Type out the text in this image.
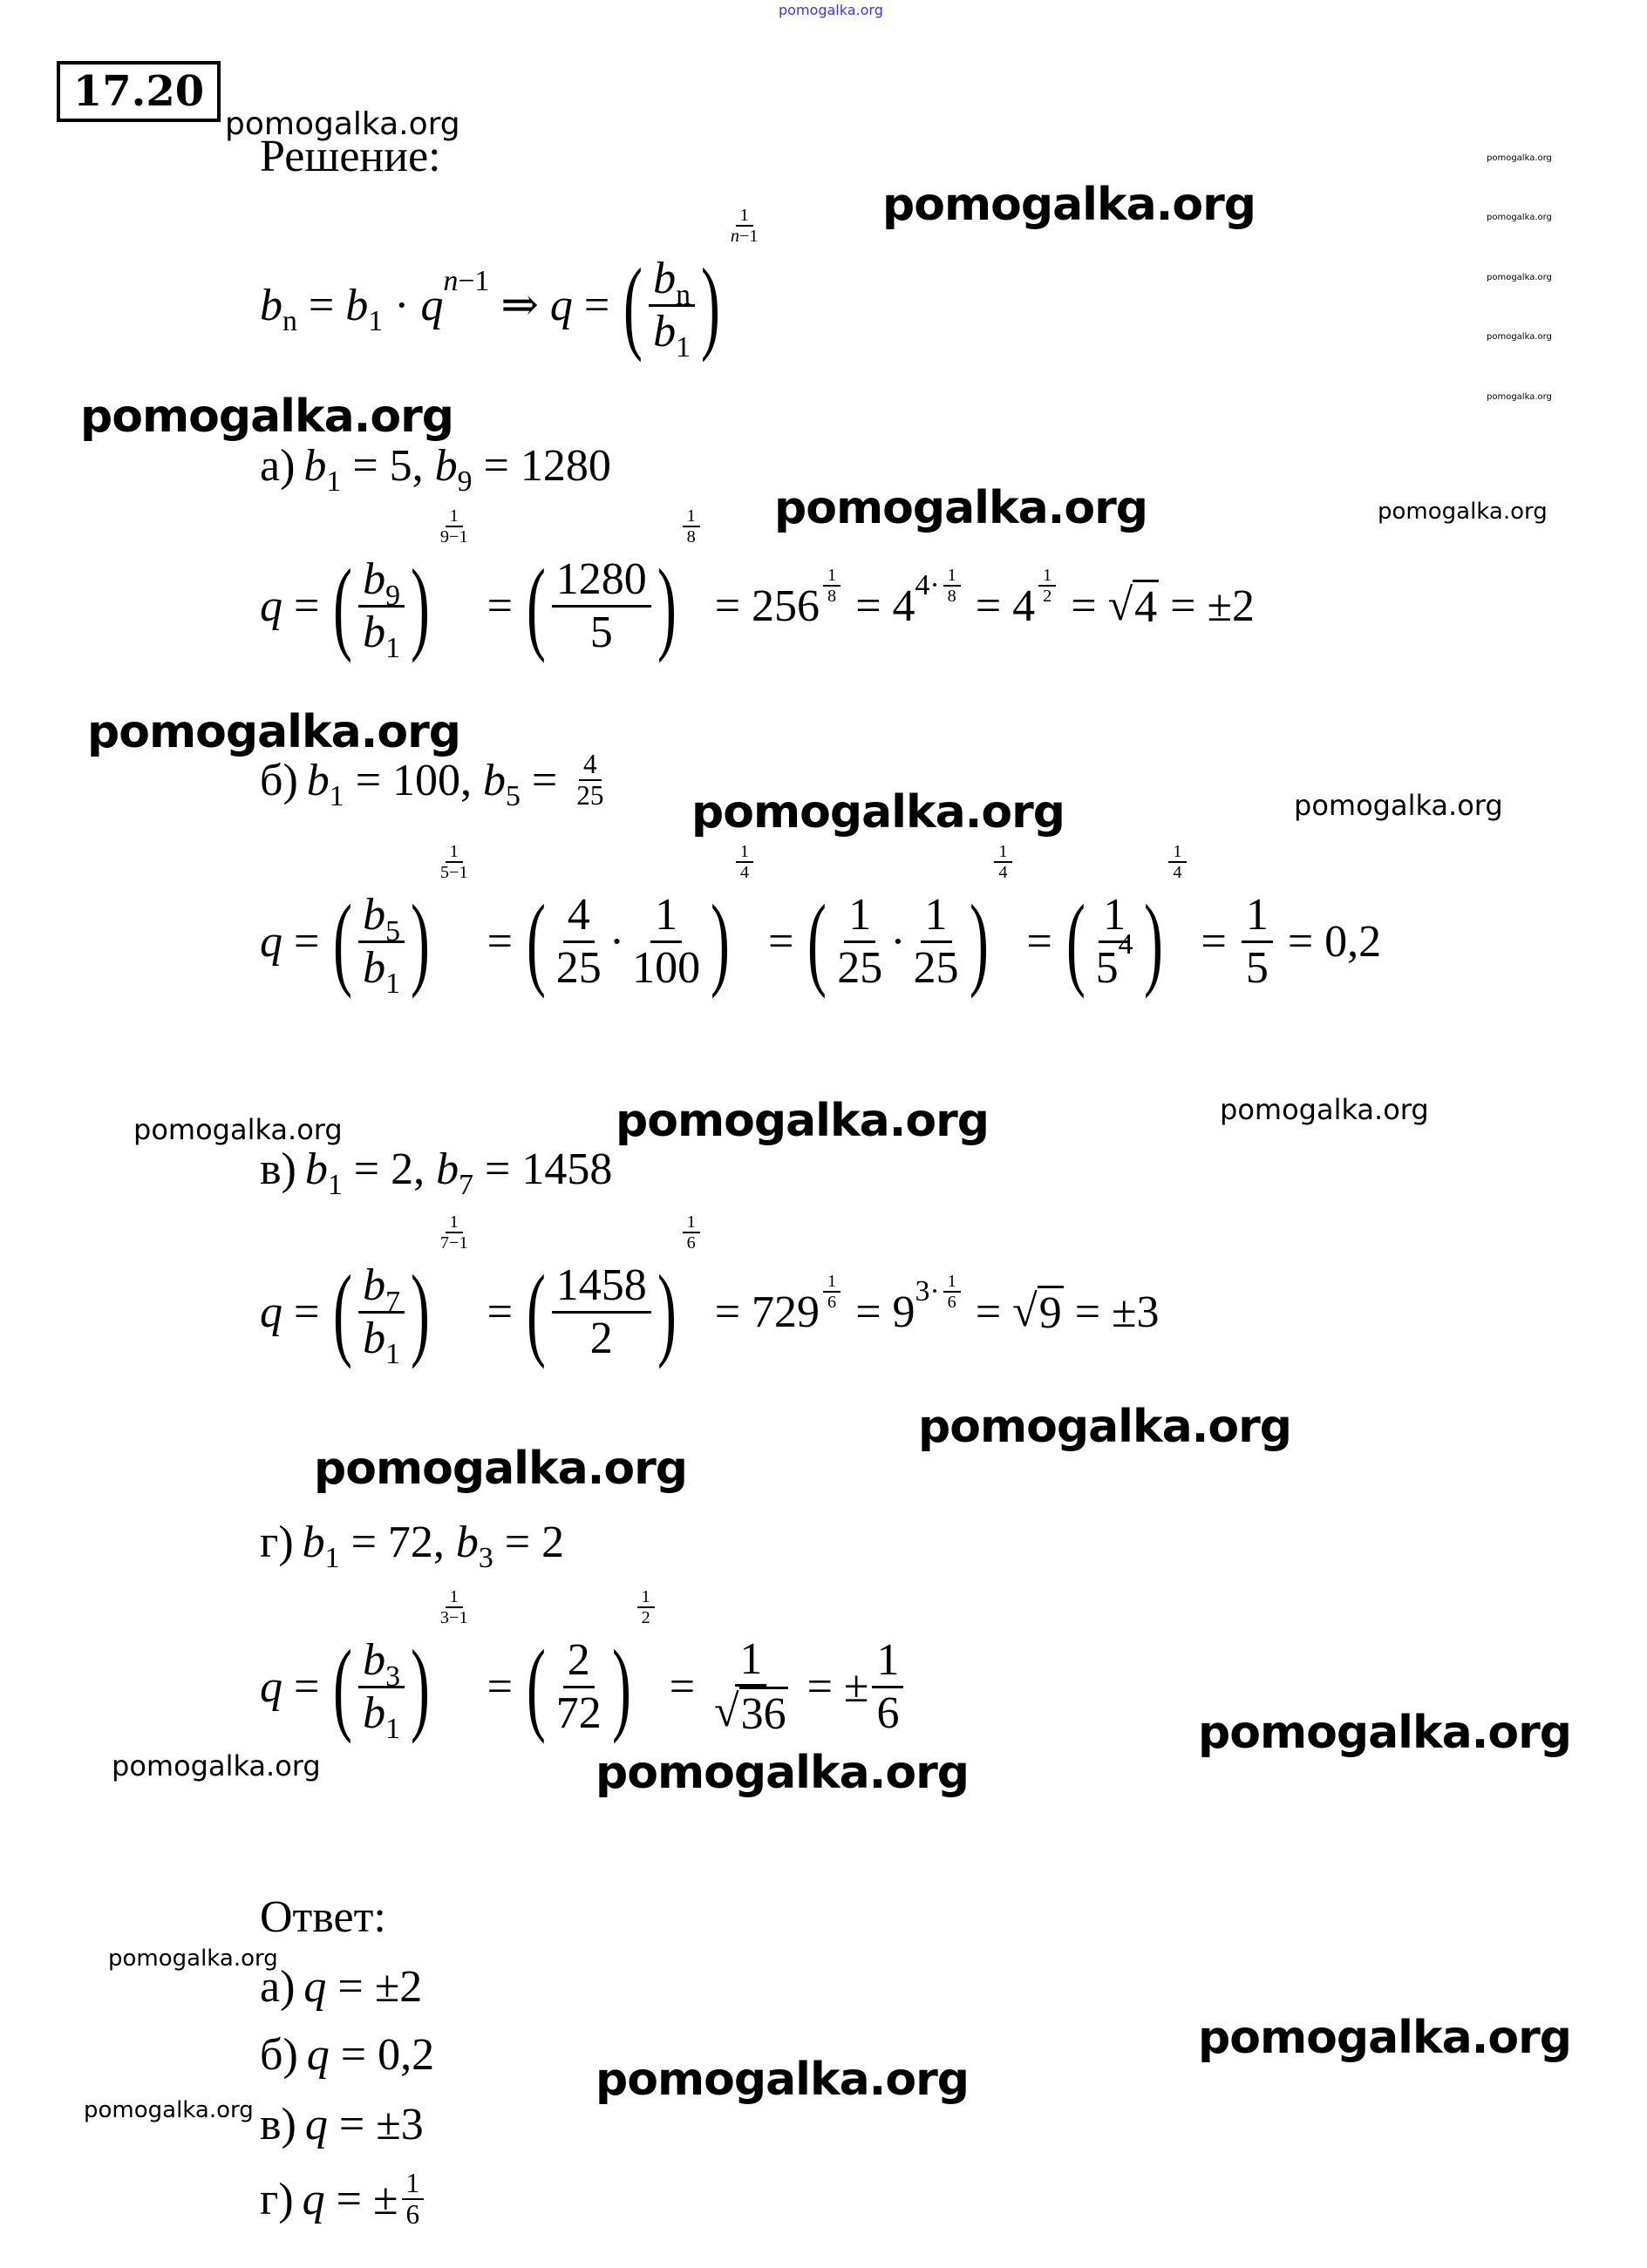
17.20
Решение:
b n = b 1 · q n −1 ⇒ q = ( $\frac{\text{b n}}{b 1}$ )
$\frac{1}{n -1}$
а) b 1 = 5, b 9 = 1280
q = ( $\frac{b 9}{b 1}$ )
$\frac{1}{9-1}$
= ( $\frac{1280}{5}$ )
$\frac{1}{8}$
= $256 \frac{1}{8} = 4$ $4\cdot \frac{1}{8} = 4 \frac{1}{2}$ = √ 4 = ±2
б) b 1 = 100, b $5 = \frac{4}{25}$
q = ( $\frac{b 5}{b 1}$ )
$\frac{1}{5-1}$
= ( $\frac{4}{25} \cdot \frac{1}{100}$ )
$\frac{1}{4}$
= ( $\frac{1}{25} \cdot \frac{1}{25}$ )
$\frac{1}{4}$
= ( $\frac{1}{5 4}$ )
$\frac{1}{4}$
= $\frac{1}{5} = 0,2$
в) b 1 = 2, b 7 = 1458
q = ( $\frac{b 7}{b 1}$ )
$\frac{1}{7-1}$
= ( $\frac{1458}{2}$ )
$\frac{1}{6}$
= $729 \frac{1}{6} = 9$ $3\cdot \frac{1}{6}$ = √ 9 = ±3
г) b 1 = 72, b 3 = 2
q = ( $\frac{b 3}{b 1}$ )
$\frac{1}{3-1}$
= ( $\frac{2}{72}$ )
$\frac{1}{2}$
= $\frac{1}{√ 36}$ = ± $\frac{1}{6}$
Ответ:
а) q = ±2
б) q = 0,2
в) q = ±3
г) q = ± $\frac{1}{6}$
pomogalka.org
pomogalka.org
pomogalka.org
pomogalka.org
pomogalka.org
pomogalka.org
pomogalka.org
pomogalka.org
pomogalka.org
pomogalka.org	pomogalka.org
pomogalka.org
pomogalka.org	pomogalka.org
pomogalka.org	pomogalka.org	pomogalka.org
pomogalka.org
pomogalka.org
pomogalka.org
pomogalka.org	pomogalka.org
pomogalka.org
pomogalka.org
pomogalka.org
pomogalka.org
